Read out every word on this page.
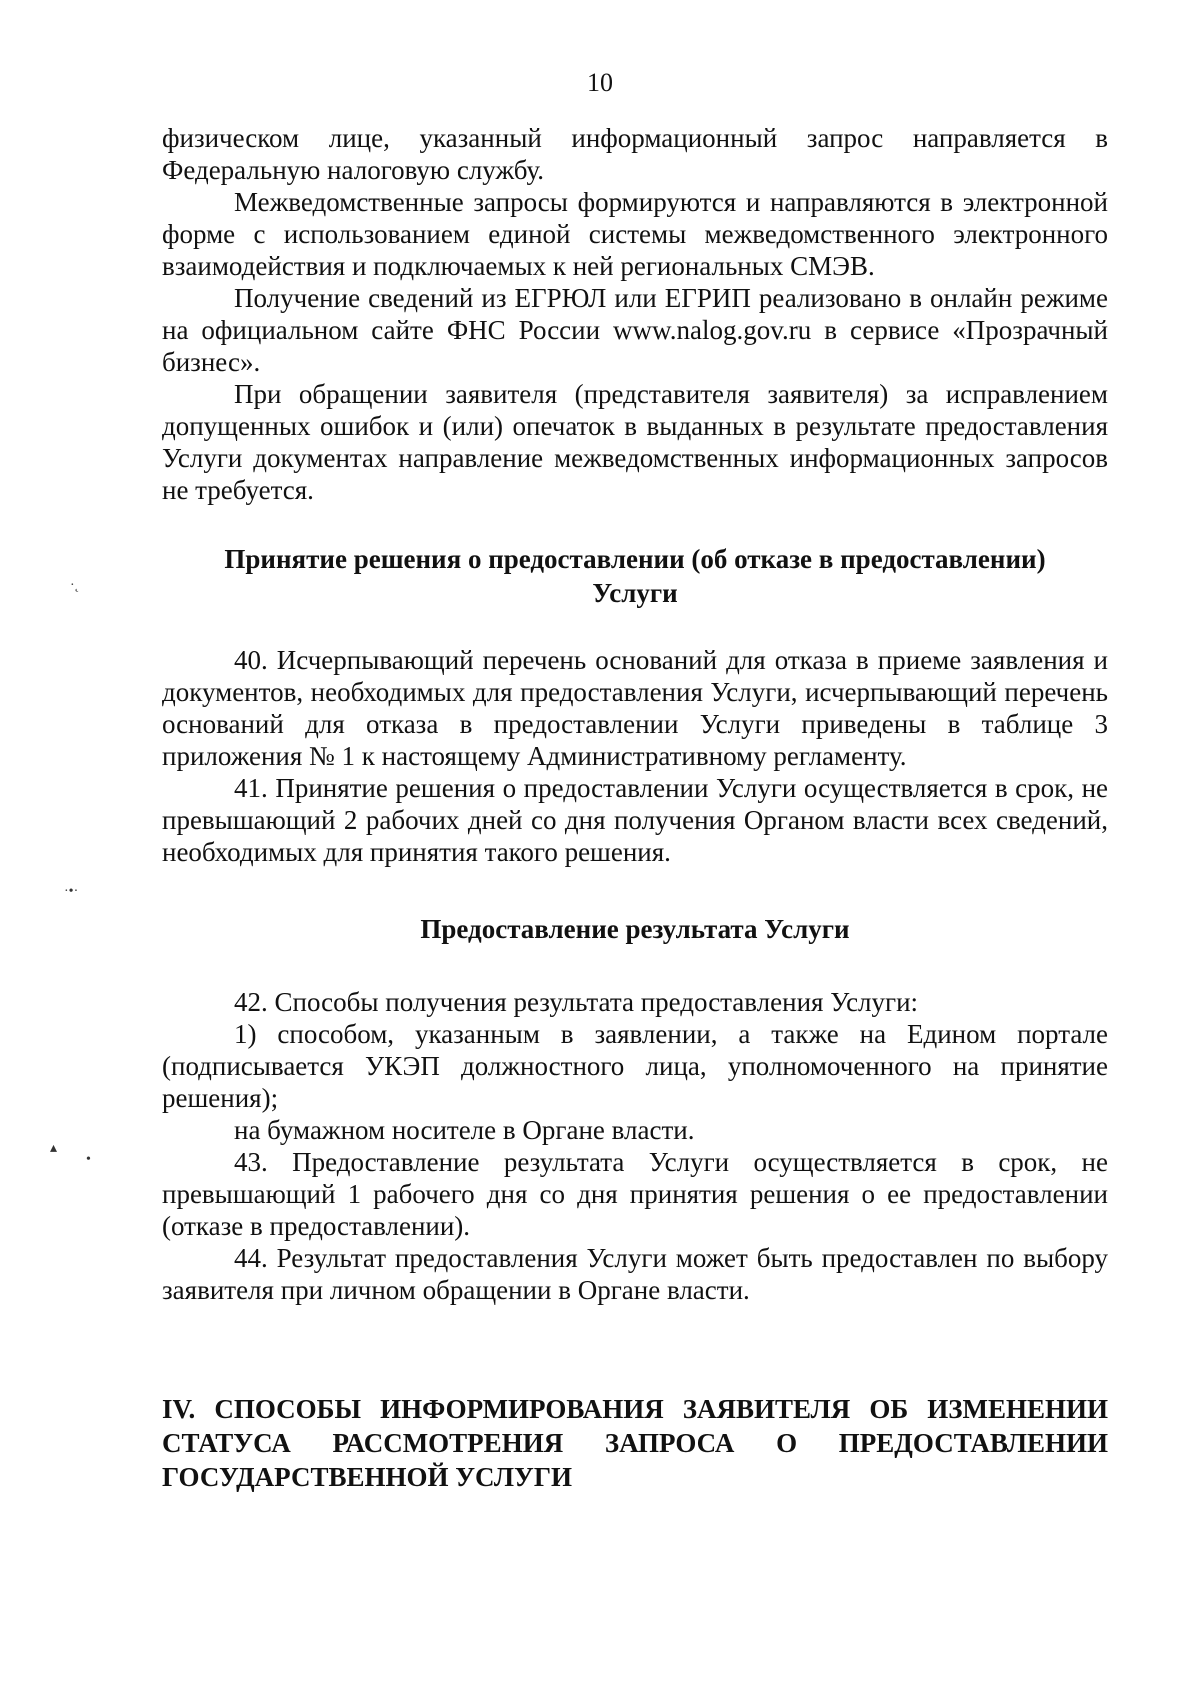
10

физическом лице, указанный информационный запрос направляется в Федеральную налоговую службу.

Межведомственные запросы формируются и направляются в электронной форме с использованием единой системы межведомственного электронного взаимодействия и подключаемых к ней региональных СМЭВ.

Получение сведений из ЕГРЮЛ или ЕГРИП реализовано в онлайн режиме на официальном сайте ФНС России www.nalog.gov.ru в сервисе «Прозрачный бизнес».

При обращении заявителя (представителя заявителя) за исправлением допущенных ошибок и (или) опечаток в выданных в результате предоставления Услуги документах направление межведомственных информационных запросов не требуется.

Принятие решения о предоставлении (об отказе в предоставлении)
Услуги

40. Исчерпывающий перечень оснований для отказа в приеме заявления и документов, необходимых для предоставления Услуги, исчерпывающий перечень оснований для отказа в предоставлении Услуги приведены в таблице 3 приложения № 1 к настоящему Административному регламенту.

41. Принятие решения о предоставлении Услуги осуществляется в срок, не превышающий 2 рабочих дней со дня получения Органом власти всех сведений, необходимых для принятия такого решения.

Предоставление результата Услуги

42. Способы получения результата предоставления Услуги:

1) способом, указанным в заявлении, а также на Едином портале (подписывается УКЭП должностного лица, уполномоченного на принятие решения);

на бумажном носителе в Органе власти.

43. Предоставление результата Услуги осуществляется в срок, не превышающий 1 рабочего дня со дня принятия решения о ее предоставлении (отказе в предоставлении).

44. Результат предоставления Услуги может быть предоставлен по выбору заявителя при личном обращении в Органе власти.

IV. СПОСОБЫ ИНФОРМИРОВАНИЯ ЗАЯВИТЕЛЯ ОБ ИЗМЕНЕНИИ СТАТУСА РАССМОТРЕНИЯ ЗАПРОСА О ПРЕДОСТАВЛЕНИИ ГОСУДАРСТВЕННОЙ УСЛУГИ
·˛
·•·
▴
•
